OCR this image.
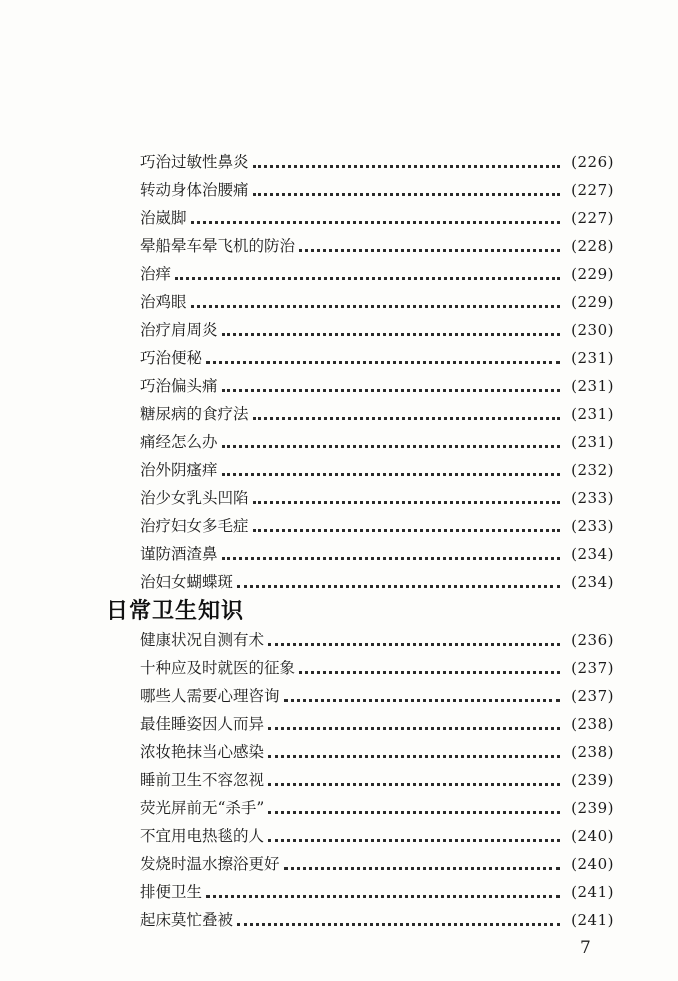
巧治过敏性鼻炎	(226)
转动身体治腰痛	(227)
治崴脚	(227)
晕船晕车晕飞机的防治	(228)
治痒	(229)
治鸡眼	(229)
治疗肩周炎	(230)
巧治便秘	(231)
巧治偏头痛	(231)
糖尿病的食疗法	(231)
痛经怎么办	(231)
治外阴瘙痒	(232)
治少女乳头凹陷	(233)
治疗妇女多毛症	(233)
谨防酒渣鼻	(234)
治妇女蝴蝶斑	(234)
日常卫生知识
健康状况自测有术	(236)
十种应及时就医的征象	(237)
哪些人需要心理咨询	(237)
最佳睡姿因人而异	(238)
浓妆艳抹当心感染	(238)
睡前卫生不容忽视	(239)
荧光屏前无“杀手”	(239)
不宜用电热毯的人	(240)
发烧时温水擦浴更好	(240)
排便卫生	(241)
起床莫忙叠被	(241)
7
